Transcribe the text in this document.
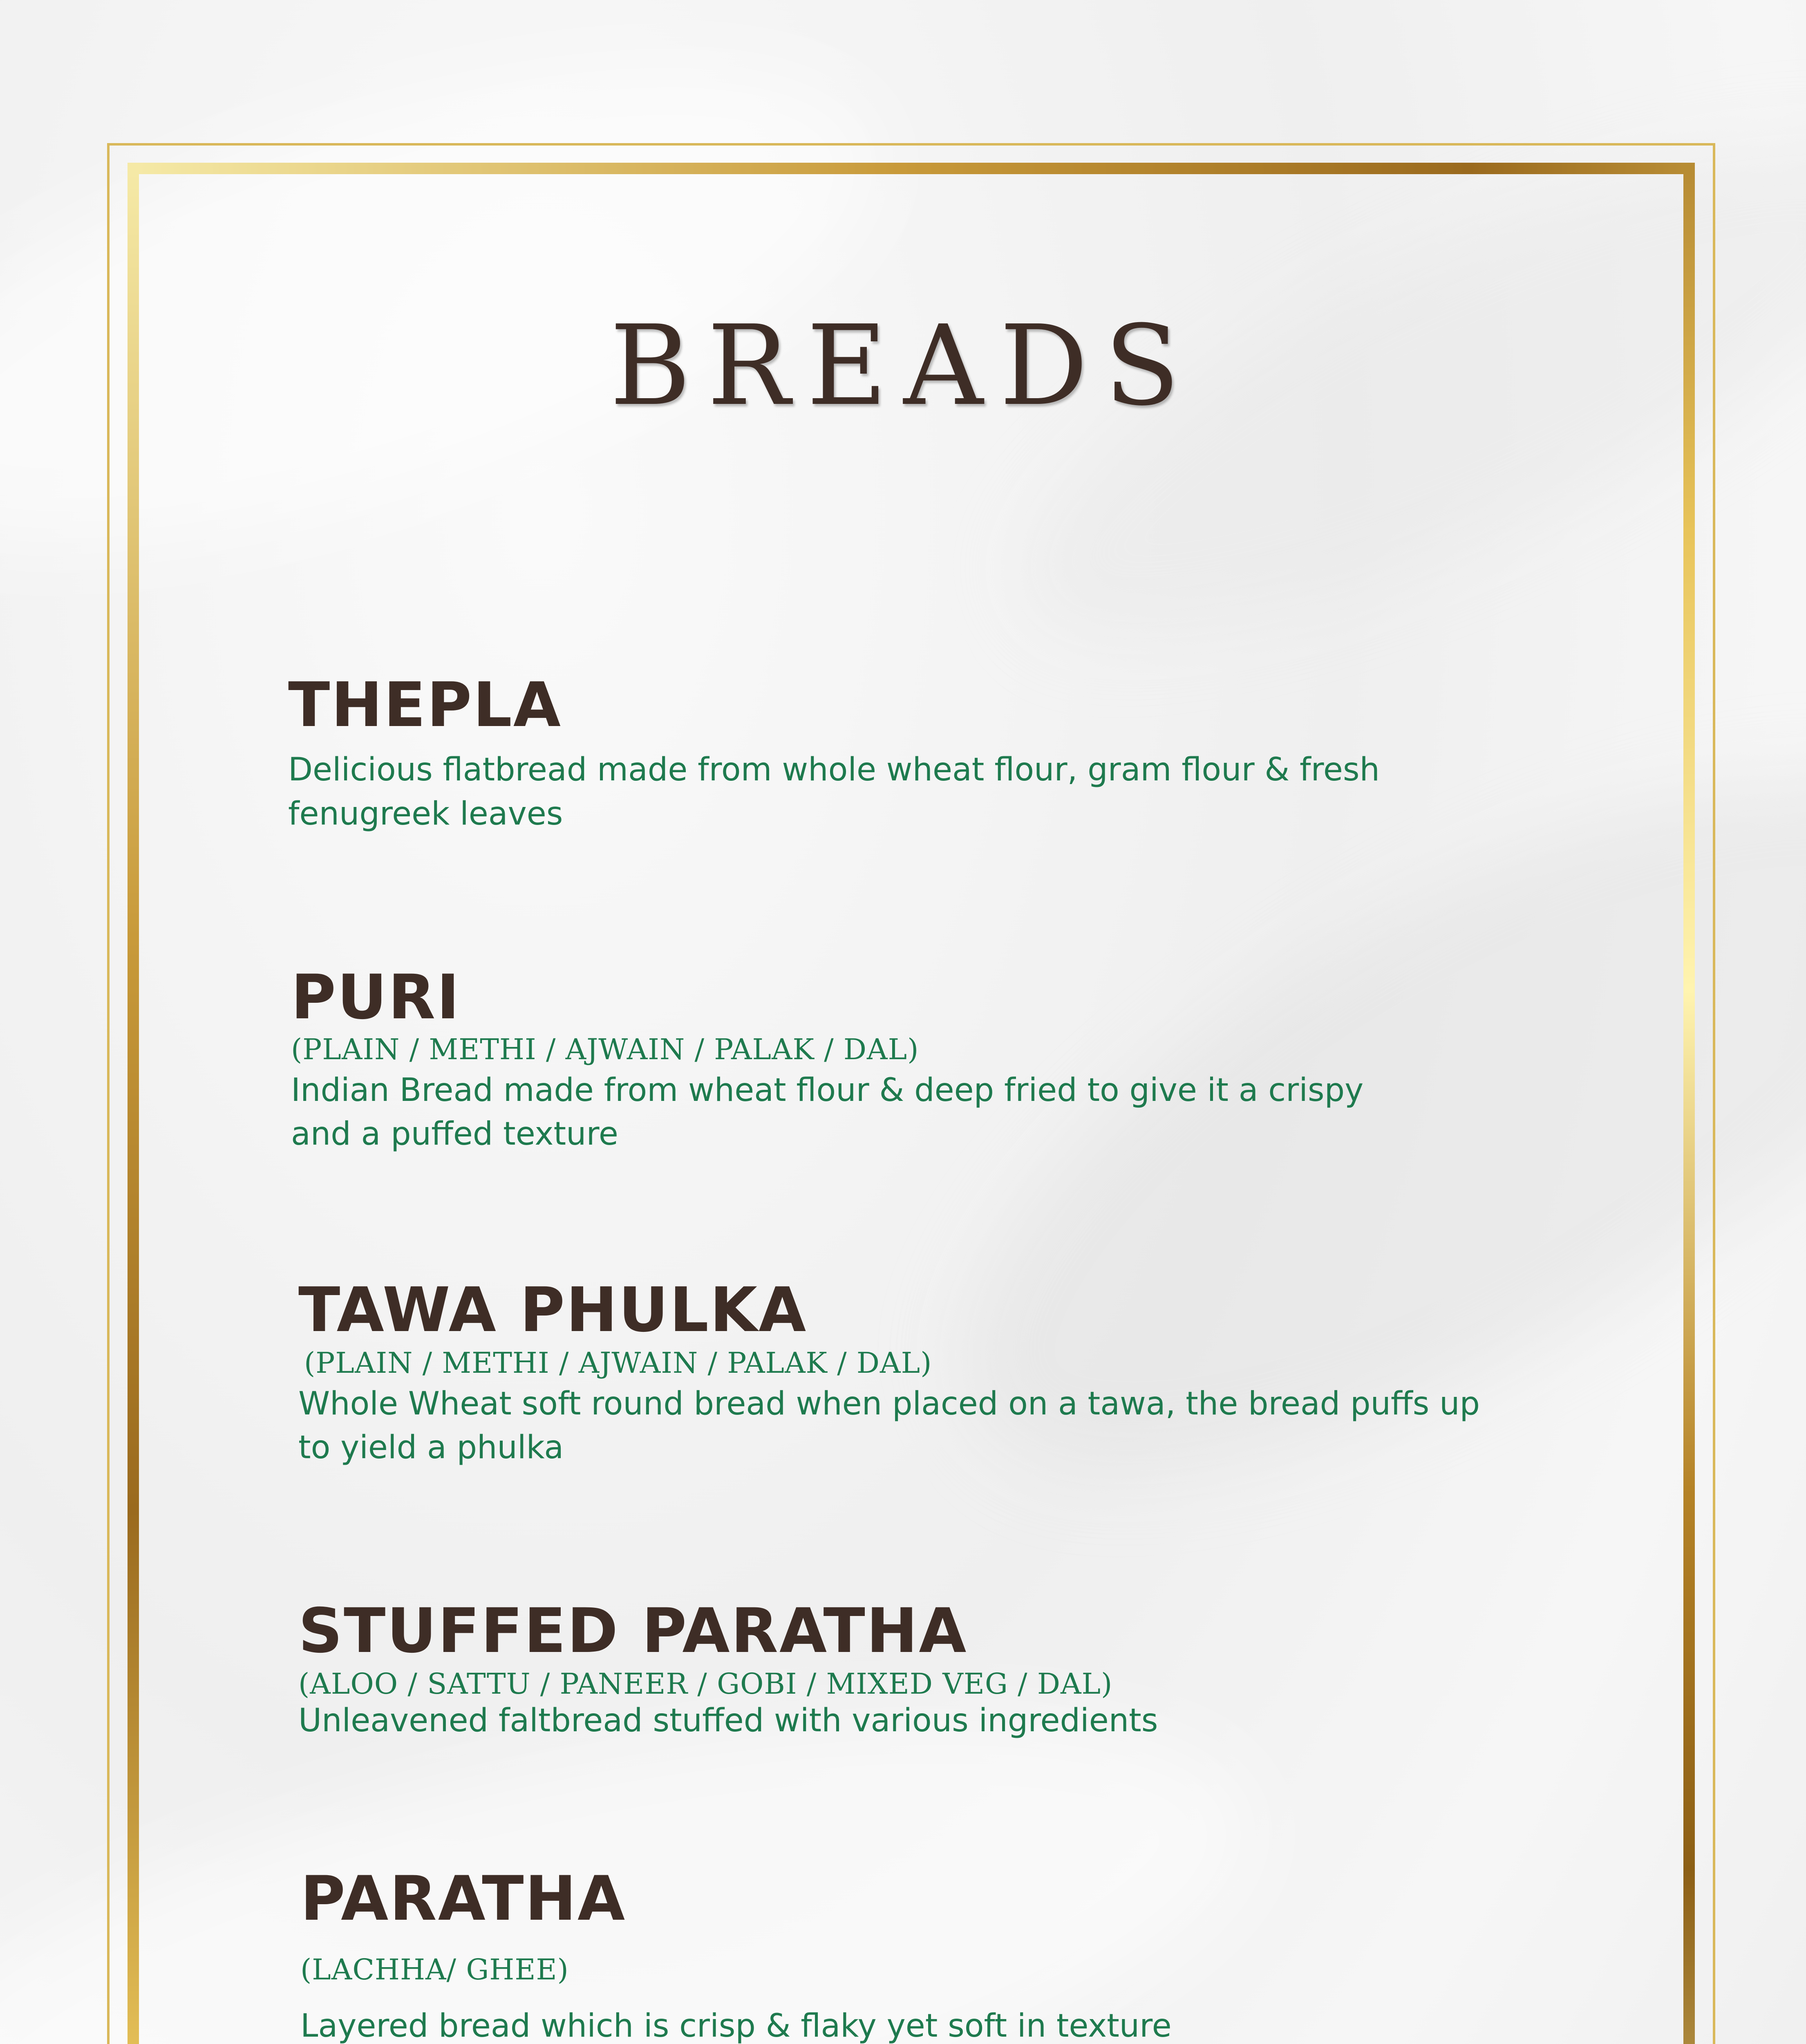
BREADS
THEPLA
Delicious flatbread made from whole wheat flour, gram flour & fresh fenugreek leaves
PURI
(PLAIN / METHI / AJWAIN / PALAK / DAL)
Indian Bread made from wheat flour & deep fried to give it a crispy and a puffed texture
TAWA PHULKA
(PLAIN / METHI / AJWAIN / PALAK / DAL)
Whole Wheat soft round bread when placed on a tawa, the bread puffs up to yield a phulka
STUFFED PARATHA
(ALOO / SATTU / PANEER / GOBI / MIXED VEG / DAL)
Unleavened faltbread stuffed with various ingredients
PARATHA
(LACHHA/ GHEE)
Layered bread which is crisp & flaky yet soft in texture
